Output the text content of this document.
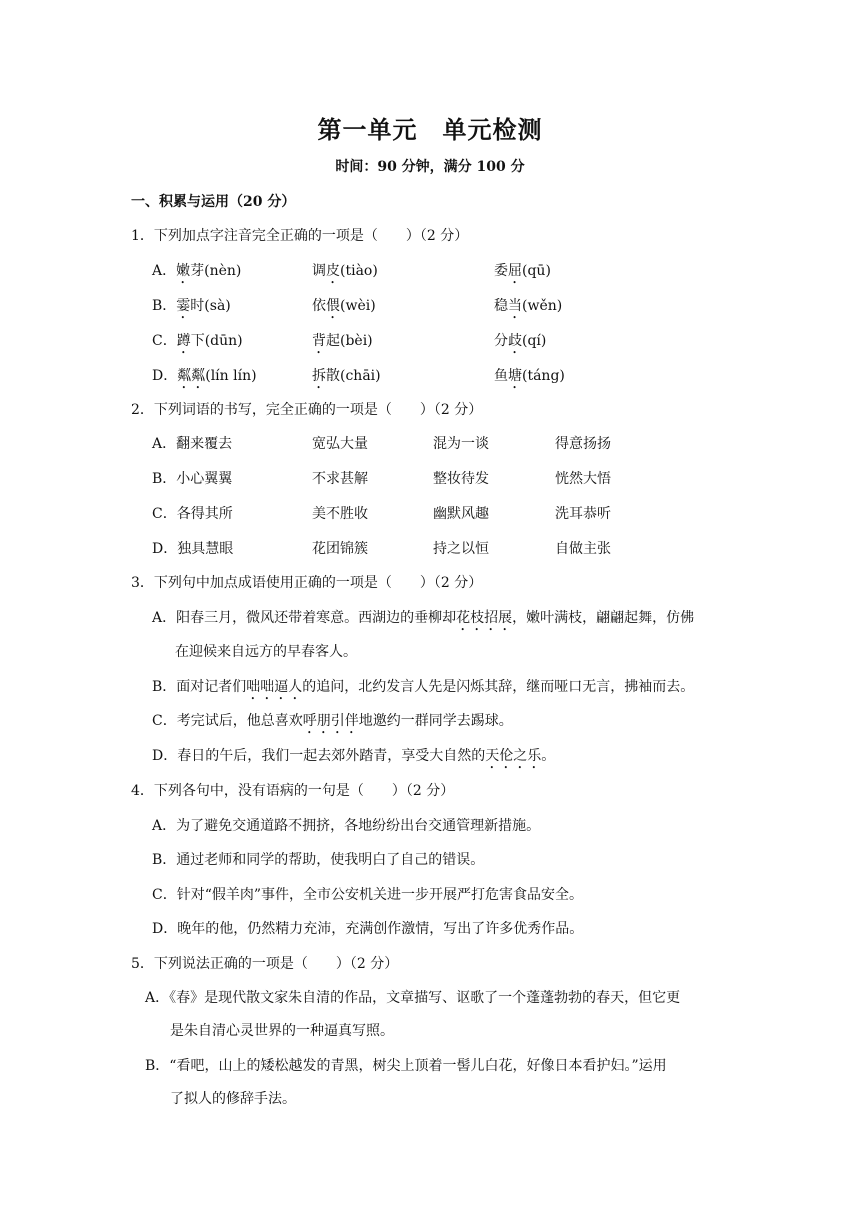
第一单元　单元检测
时间：90 分钟，满分 100 分
一、积累与运用（20 分）
1．下列加点字注音完全正确的一项是（　　）（2 分）
A．嫩芽(nèn)	调皮(tiào)	委屈(qū)
B．霎时(sà)	依偎(wèi)	稳当(wěn)
C．蹲下(dūn)	背起(bèi)	分歧(qí)
D．粼粼(lín lín)	拆散(chāi)	鱼塘(táng)
2．下列词语的书写，完全正确的一项是（　　）（2 分）
A．翻来覆去	宽弘大量	混为一谈	得意扬扬
B．小心翼翼	不求甚解	整妆待发	恍然大悟
C．各得其所	美不胜收	幽默风趣	洗耳恭听
D．独具慧眼	花团锦簇	持之以恒	自做主张
3．下列句中加点成语使用正确的一项是（　　）（2 分）
A．阳春三月，微风还带着寒意。西湖边的垂柳却花枝招展，嫩叶满枝，翩翩起舞，仿佛
在迎候来自远方的早春客人。
B．面对记者们咄咄逼人的追问，北约发言人先是闪烁其辞，继而哑口无言，拂袖而去。
C．考完试后，他总喜欢呼朋引伴地邀约一群同学去踢球。
D．春日的午后，我们一起去郊外踏青，享受大自然的天伦之乐。
4．下列各句中，没有语病的一句是（　　）（2 分）
A．为了避免交通道路不拥挤，各地纷纷出台交通管理新措施。
B．通过老师和同学的帮助，使我明白了自己的错误。
C．针对“假羊肉”事件，全市公安机关进一步开展严打危害食品安全。
D．晚年的他，仍然精力充沛，充满创作激情，写出了许多优秀作品。
5．下列说法正确的一项是（　　）（2 分）
A．《春》是现代散文家朱自清的作品，文章描写、讴歌了一个蓬蓬勃勃的春天，但它更
是朱自清心灵世界的一种逼真写照。
B．“看吧，山上的矮松越发的青黑，树尖上顶着一髻儿白花，好像日本看护妇。”运用
了拟人的修辞手法。
